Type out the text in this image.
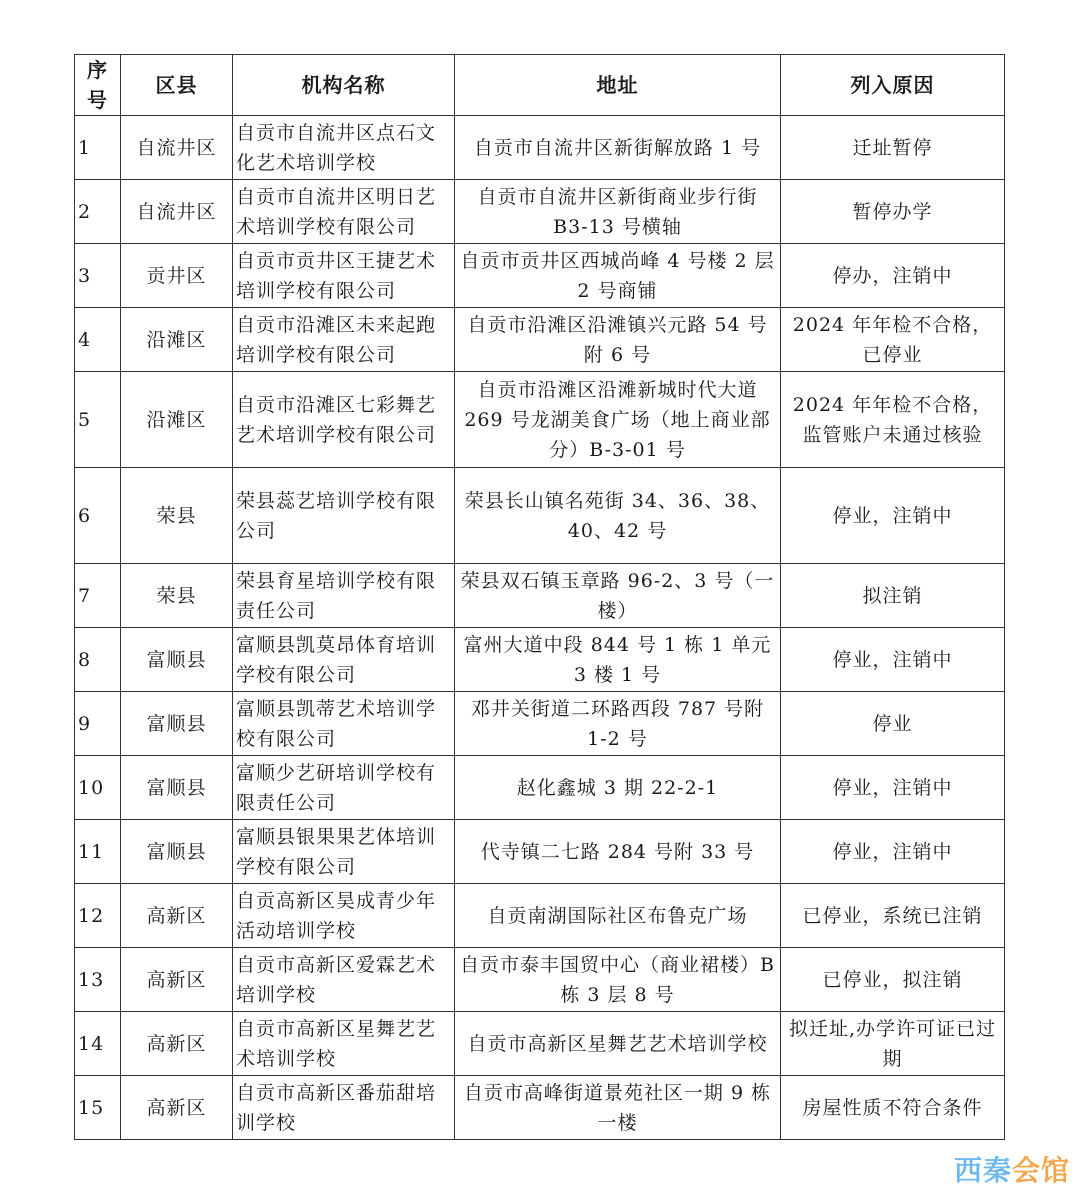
序号	区县	机构名称	地址	列入原因
1	自流井区	自贡市自流井区点石文化艺术培训学校	自贡市自流井区新街解放路 1 号	迁址暂停
2	自流井区	自贡市自流井区明日艺术培训学校有限公司	自贡市自流井区新街商业步行街 B3-13 号横轴	暂停办学
3	贡井区	自贡市贡井区王捷艺术培训学校有限公司	自贡市贡井区西城尚峰 4 号楼 2 层 2 号商铺	停办，注销中
4	沿滩区	自贡市沿滩区未来起跑培训学校有限公司	自贡市沿滩区沿滩镇兴元路 54 号附 6 号	2024 年年检不合格，已停业
5	沿滩区	自贡市沿滩区七彩舞艺艺术培训学校有限公司	自贡市沿滩区沿滩新城时代大道 269 号龙湖美食广场（地上商业部分）B-3-01 号	2024 年年检不合格，监管账户未通过核验
6	荣县	荣县蕊艺培训学校有限公司	荣县长山镇名苑街 34、36、38、40、42 号	停业，注销中
7	荣县	荣县育星培训学校有限责任公司	荣县双石镇玉章路 96-2、3 号（一楼）	拟注销
8	富顺县	富顺县凯莫昂体育培训学校有限公司	富州大道中段 844 号 1 栋 1 单元 3 楼 1 号	停业，注销中
9	富顺县	富顺县凯蒂艺术培训学校有限公司	邓井关街道二环路西段 787 号附 1-2 号	停业
10	富顺县	富顺少艺研培训学校有限责任公司	赵化鑫城 3 期 22-2-1	停业，注销中
11	富顺县	富顺县银果果艺体培训学校有限公司	代寺镇二七路 284 号附 33 号	停业，注销中
12	高新区	自贡高新区昊成青少年活动培训学校	自贡南湖国际社区布鲁克广场	已停业，系统已注销
13	高新区	自贡市高新区爱霖艺术培训学校	自贡市泰丰国贸中心（商业裙楼）B 栋 3 层 8 号	已停业，拟注销
14	高新区	自贡市高新区星舞艺艺术培训学校	自贡市高新区星舞艺艺术培训学校	拟迁址,办学许可证已过期
15	高新区	自贡市高新区番茄甜培训学校	自贡市高峰街道景苑社区一期 9 栋一楼	房屋性质不符合条件
西秦会馆
